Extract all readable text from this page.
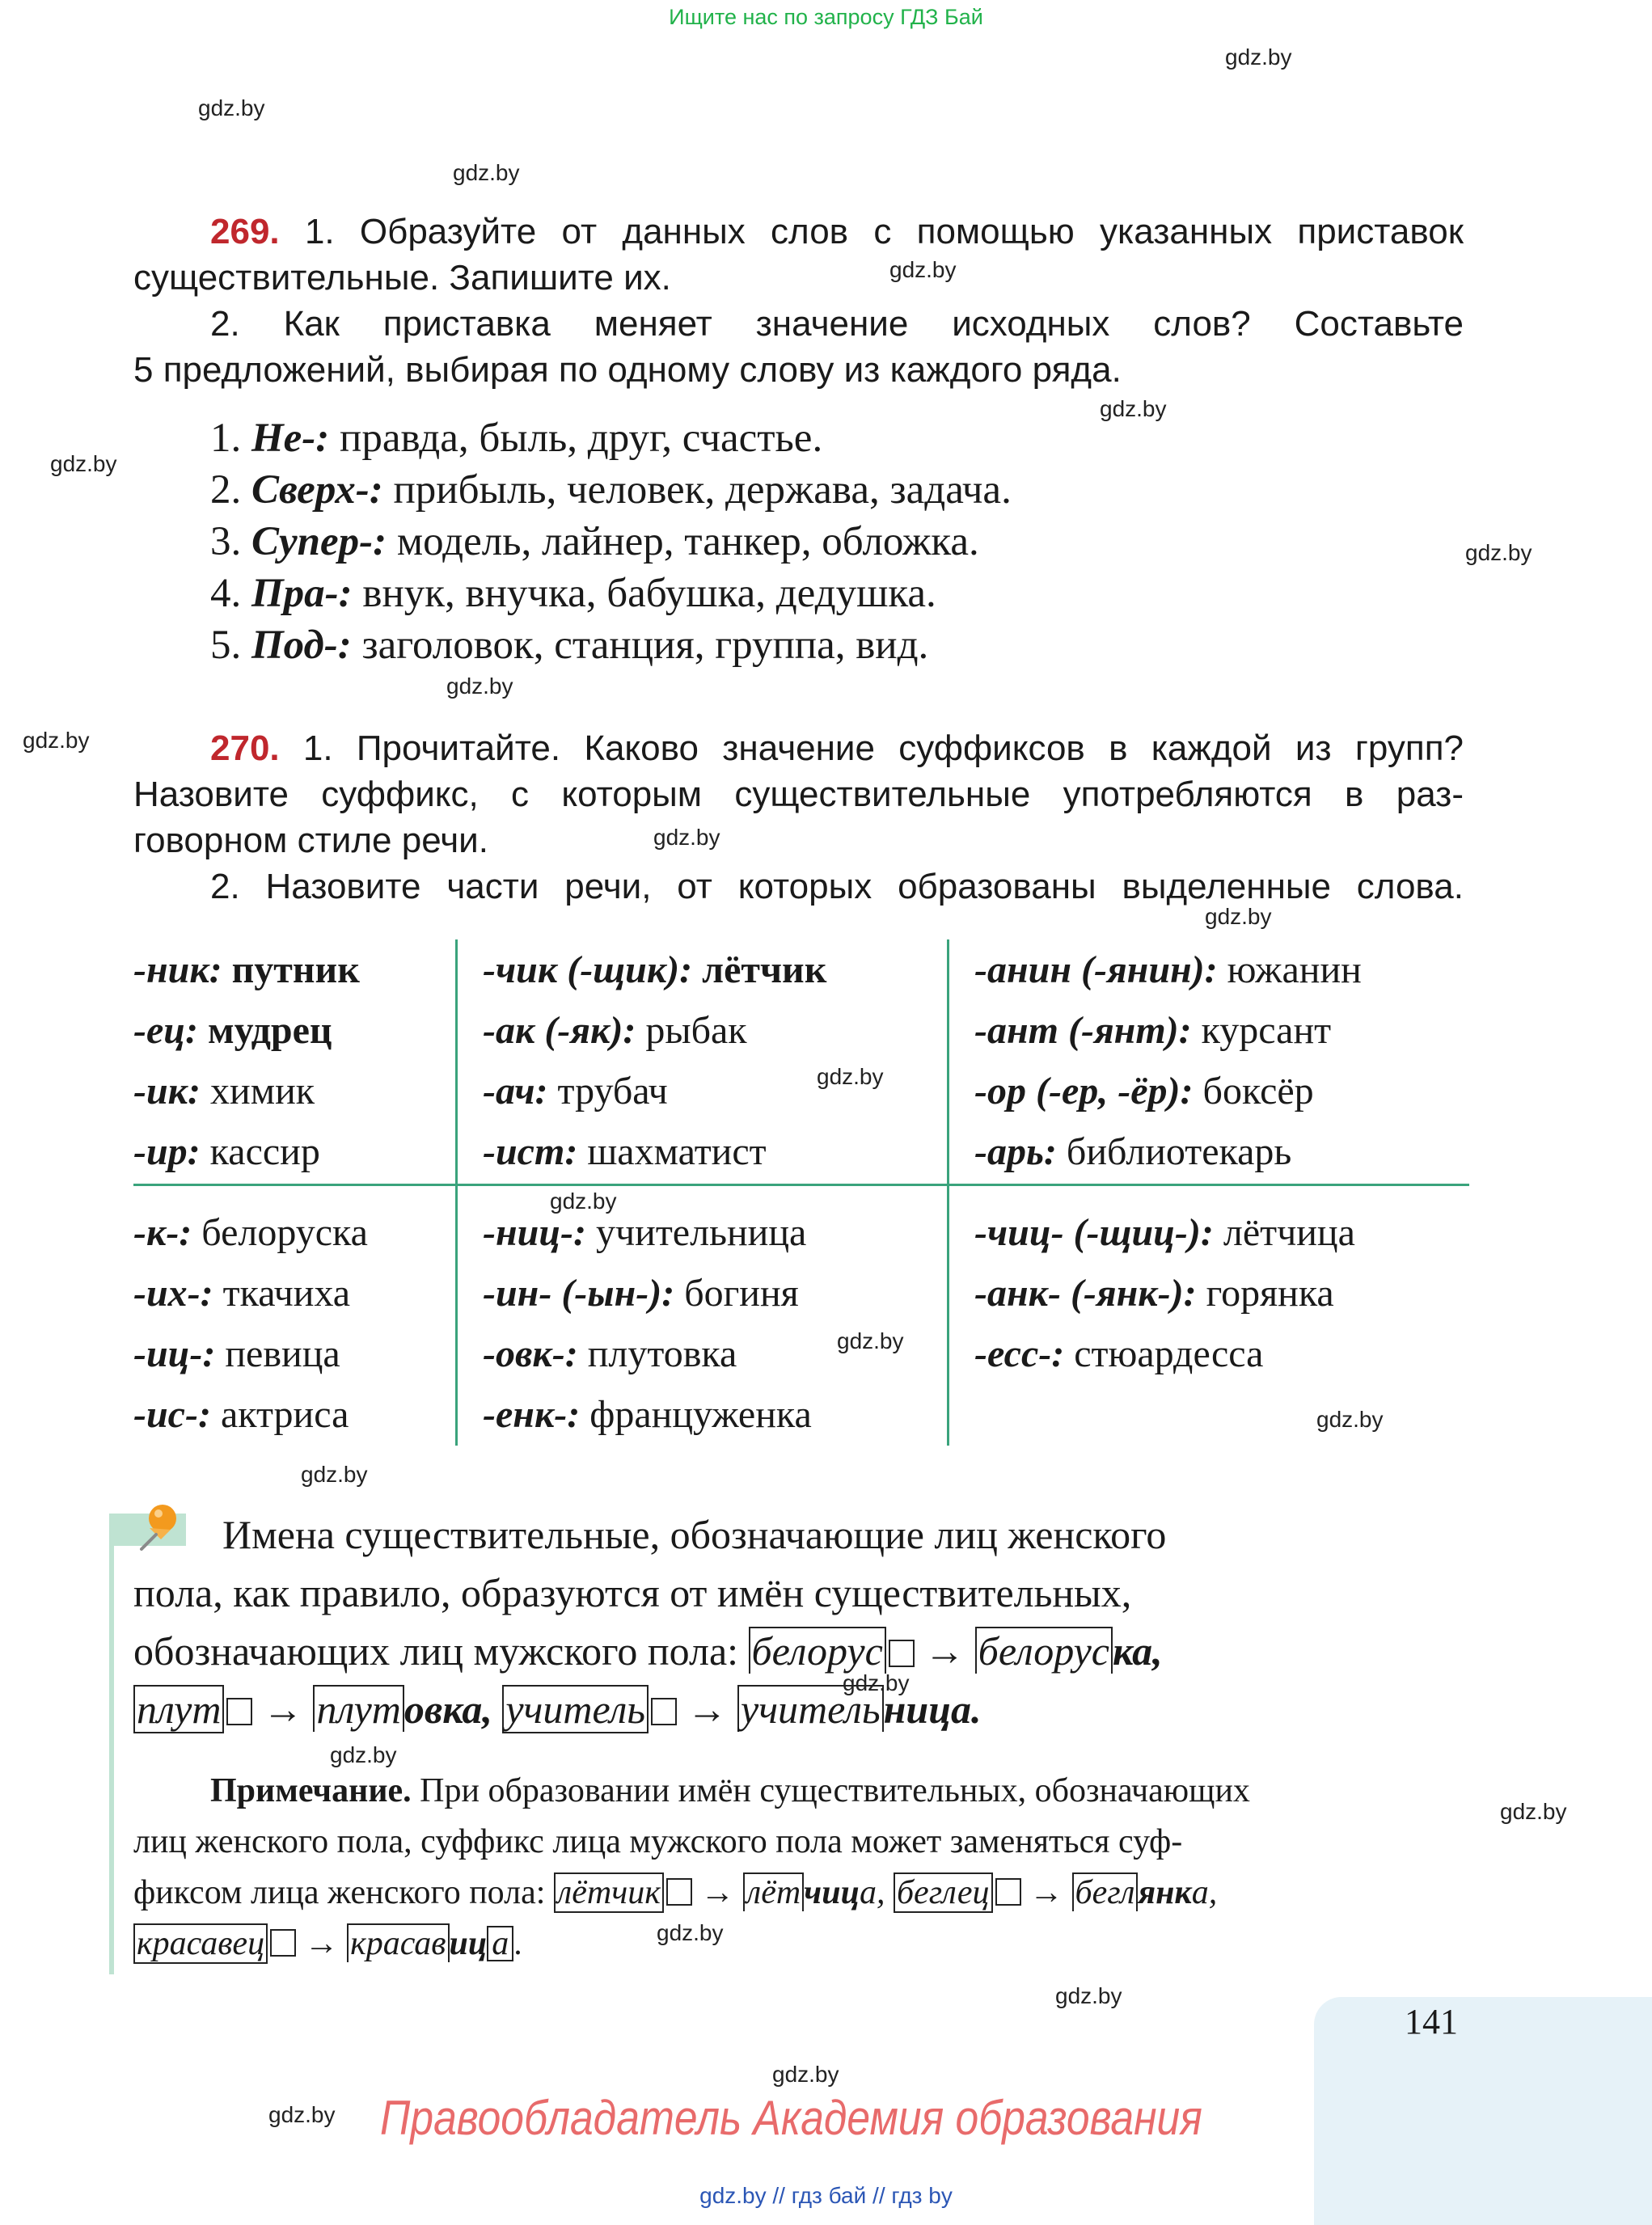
Ищите нас по запросу ГДЗ Бай
gdz.by
gdz.by
gdz.by
gdz.by
gdz.by
gdz.by
gdz.by
gdz.by
gdz.by
gdz.by
gdz.by
gdz.by
gdz.by
gdz.by
gdz.by
gdz.by
gdz.by
gdz.by
gdz.by
gdz.by
gdz.by
gdz.by
gdz.by
269. 1. Образуйте от данных слов с помощью указанных приставок
существительные. Запишите их.
2. Как приставка меняет значение исходных слов? Составьте
5 предложений, выбирая по одному слову из каждого ряда.
1. Не-: правда, быль, друг, счастье.
2. Сверх-: прибыль, человек, держава, задача.
3. Супер-: модель, лайнер, танкер, обложка.
4. Пра-: внук, внучка, бабушка, дедушка.
5. Под-: заголовок, станция, группа, вид.
270. 1. Прочитайте. Каково значение суффиксов в каждой из групп?
Назовите суффикс, с которым существительные употребляются в раз-
говорном стиле речи.
2. Назовите части речи, от которых образованы выделенные слова.
-ник: путник
-ец: мудрец
-ик: химик
-ир: кассир
-чик (-щик): лётчик
-ак (-як): рыбак
-ач: трубач
-ист: шахматист
-анин (-янин): южанин
-ант (-янт): курсант
-ор (-ер, -ёр): боксёр
-арь: библиотекарь
-к-: белоруска
-их-: ткачиха
-иц-: певица
-ис-: актриса
-ниц-: учительница
-ин- (-ын-): богиня
-овк-: плутовка
-енк-: француженка
-чиц- (-щиц-): лётчица
-анк- (-янк-): горянка
-есс-: стюардесса
Имена существительные, обозначающие лиц женского
пола, как правило, образуются от имён существительных,
обозначающих лиц мужского пола: белорус → белоруска,
плут → плутовка, учитель → учительница.
Примечание. При образовании имён существительных, обозначающих
лиц женского пола, суффикс лица мужского пола может заменяться суф-
фиксом лица женского пола: лётчик → лётчица, беглец → беглянка,
красавец → красавиц а .
141
Правообладатель Академия образования
gdz.by // гдз бай // гдз by
